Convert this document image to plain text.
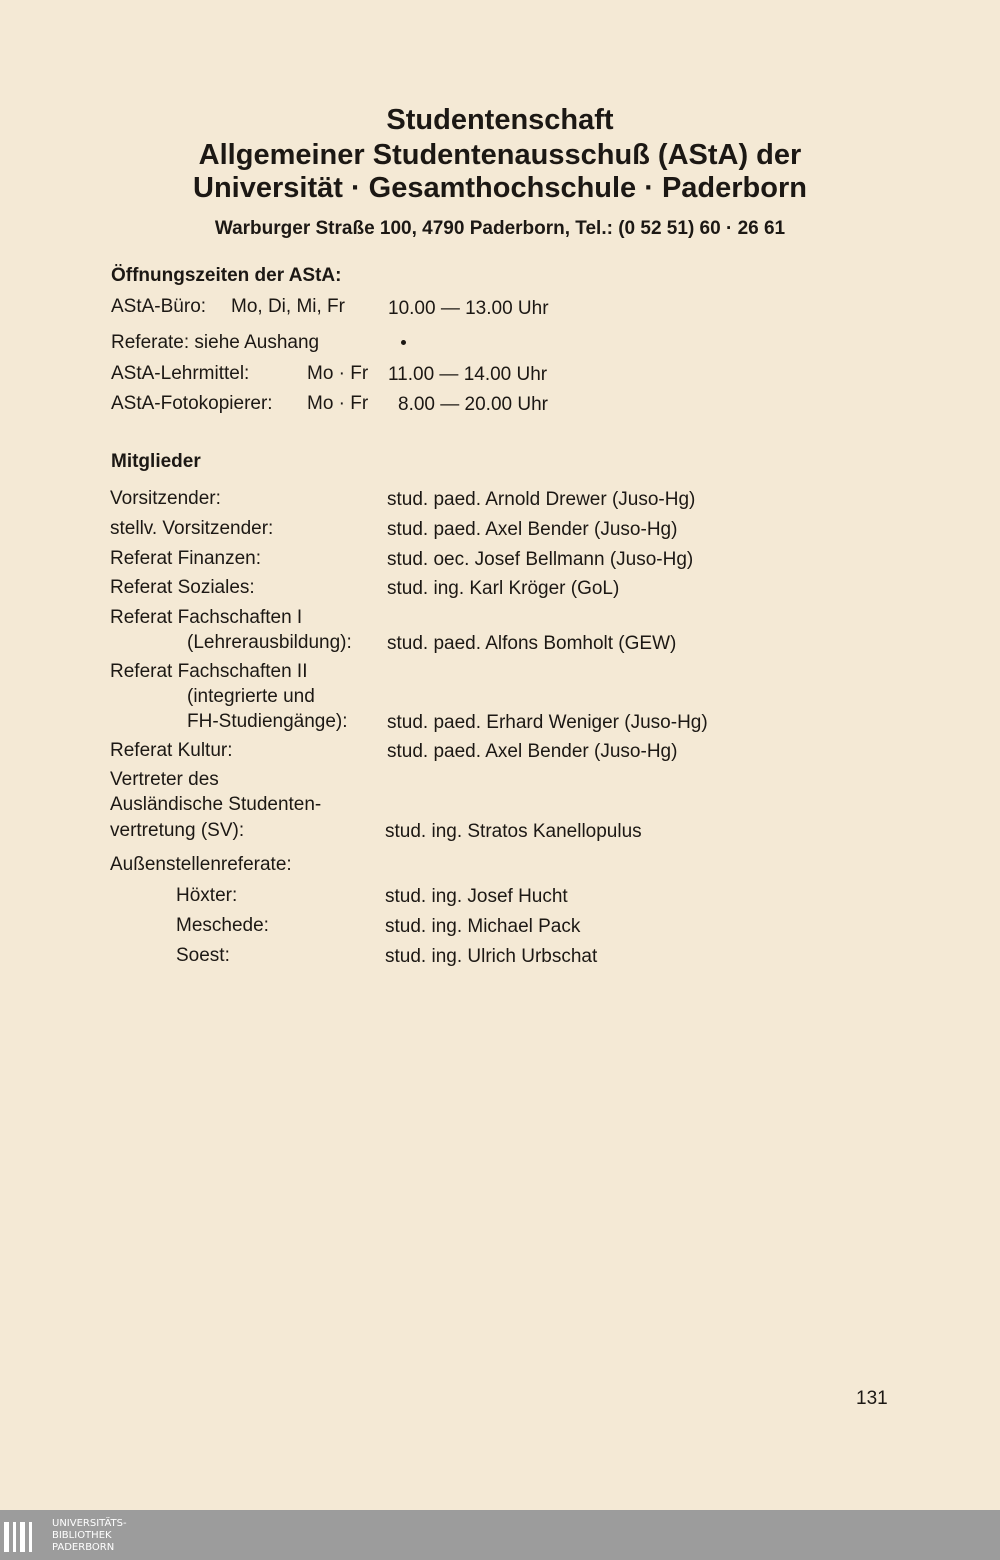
Studentenschaft
Allgemeiner Studentenausschuß (AStA) der
Universität · Gesamthochschule · Paderborn

Warburger Straße 100, 4790 Paderborn, Tel.: (0 52 51) 60 · 26 61

Öffnungszeiten der AStA:

AStA-Büro: Mo, Di, Mi, Fr 10.00 — 13.00 Uhr

Referate: siehe Aushang

AStA-Lehrmittel:	Mo · Fr 11.00 — 14.00 Uhr

AStA-Fotokopierer: Mo · Fr 8.00 — 20.00 Uhr

Mitglieder

Vorsitzender:	stud. paed. Arnold Drewer (Juso-Hg)

stellv. Vorsitzender:	stud. paed. Axel Bender (Juso-Hg)

Referat Finanzen:	stud. oec. Josef Bellmann (Juso-Hg)

Referat Soziales:	stud. ing. Karl Kröger (GoL)

Referat Fachschaften I

(Lehrerausbildung): stud. paed. Alfons Bomholt (GEW)

Referat Fachschaften II

(integrierte und

FH-Studiengänge): stud. paed. Erhard Weniger (Juso-Hg)

Referat Kultur:	stud. paed. Axel Bender (Juso-Hg)

Vertreter des

Ausländische Studenten-

vertretung (SV):	stud. ing. Stratos Kanellopulus

Außenstellenreferate:

Höxter:	stud. ing. Josef Hucht

Meschede:	stud. ing. Michael Pack

Soest:	stud. ing. Ulrich Urbschat

131
UNIVERSITÄTS-
BIBLIOTHEK
PADERBORN
